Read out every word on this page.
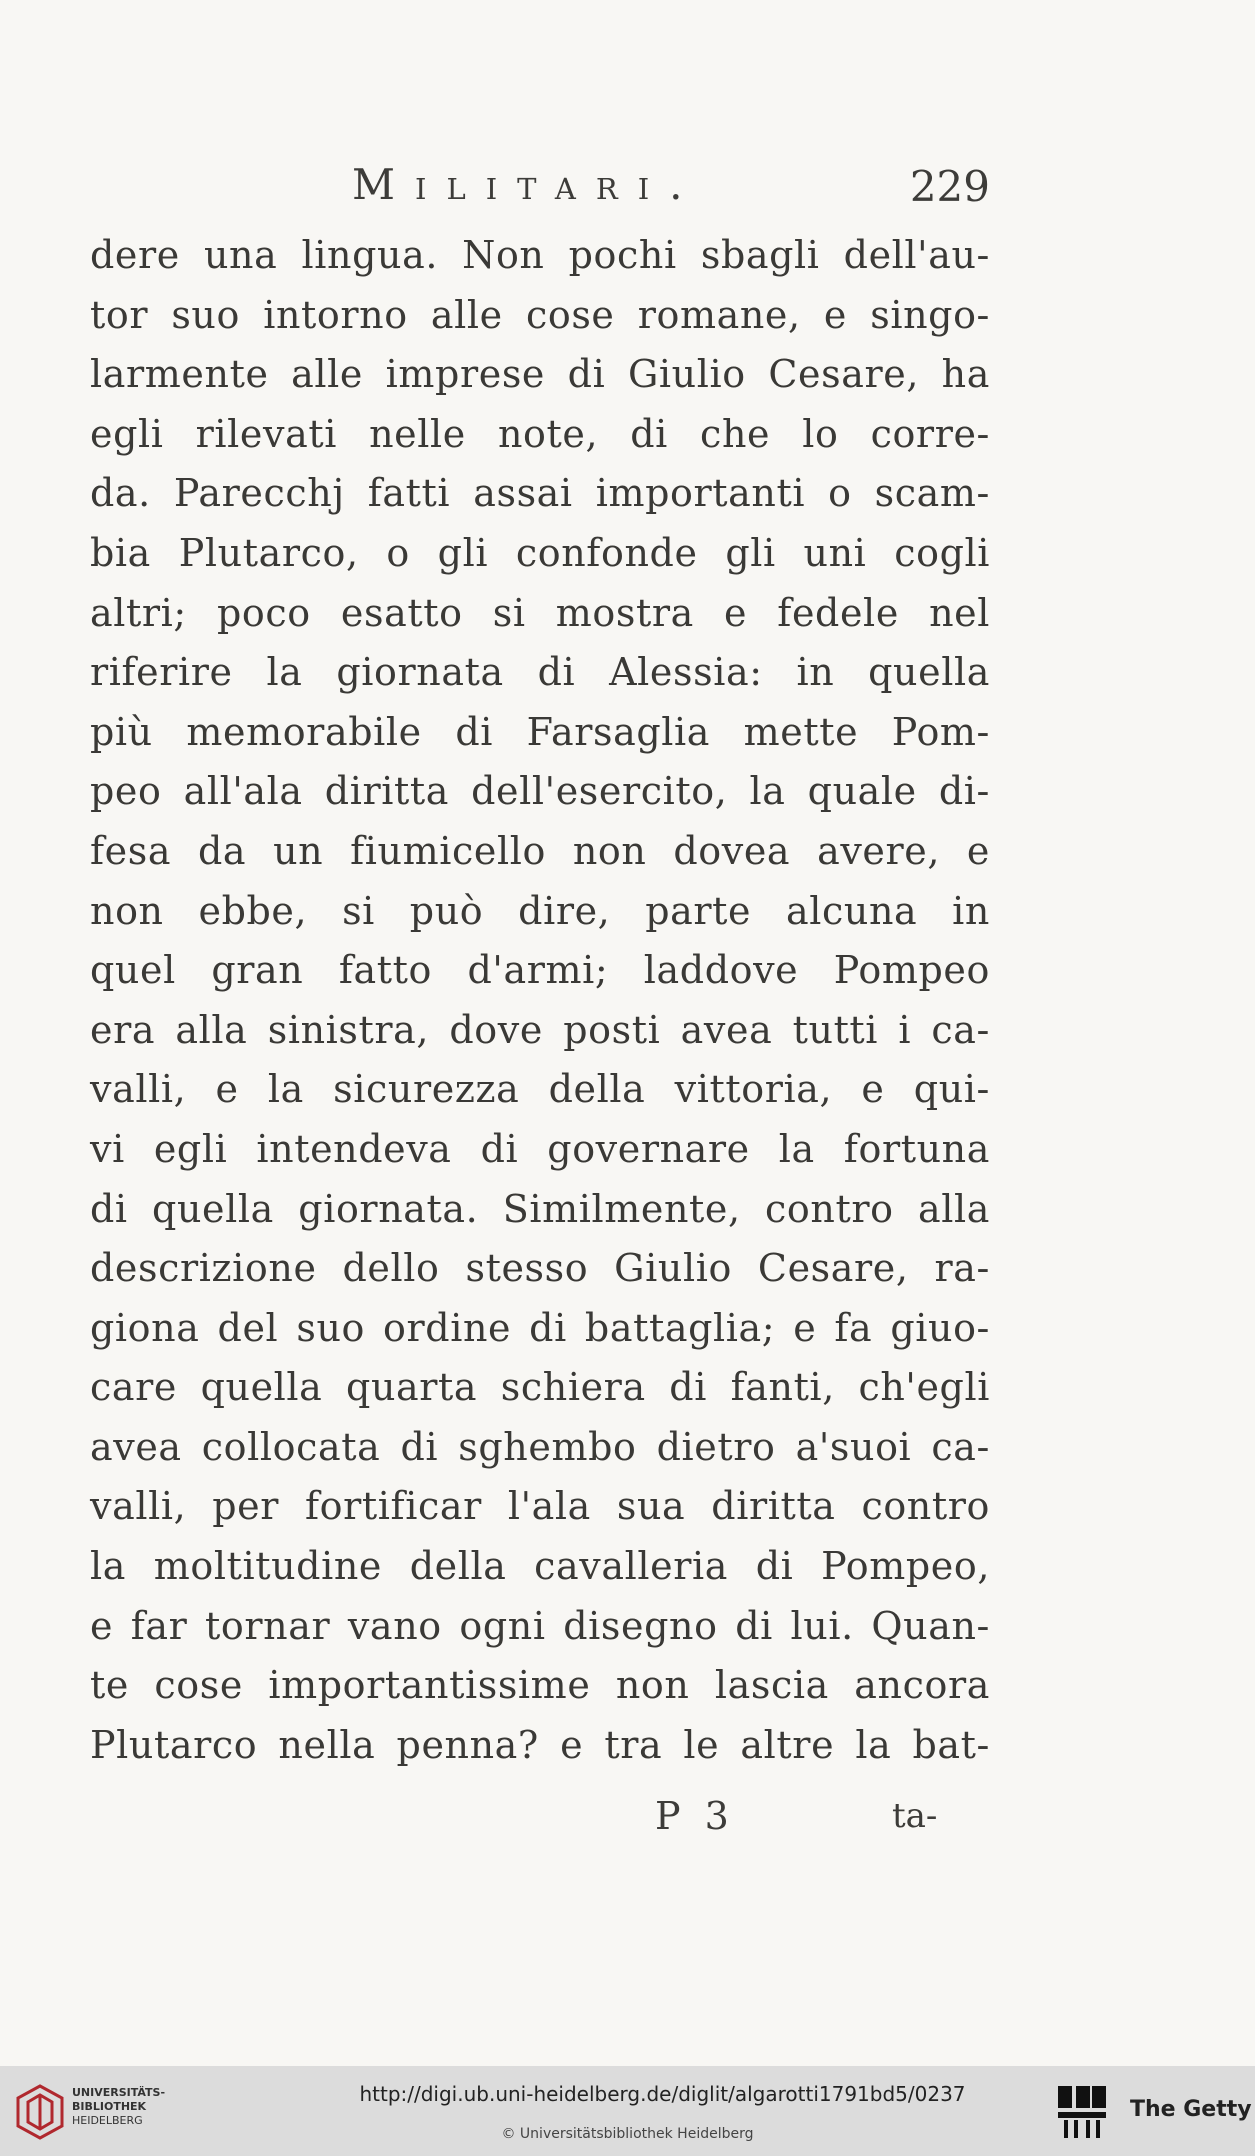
Militari.	229
dere una lingua. Non pochi sbagli dell'au-
tor suo intorno alle cose romane, e singo-
larmente alle imprese di Giulio Cesare, ha
egli rilevati nelle note, di che lo corre-
da. Parecchj fatti assai importanti o scam-
bia Plutarco, o gli confonde gli uni cogli
altri; poco esatto si mostra e fedele nel
riferire la giornata di Alessia: in quella
più memorabile di Farsaglia mette Pom-
peo all'ala diritta dell'esercito, la quale di-
fesa da un fiumicello non dovea avere, e
non ebbe, si può dire, parte alcuna in
quel gran fatto d'armi; laddove Pompeo
era alla sinistra, dove posti avea tutti i ca-
valli, e la sicurezza della vittoria, e qui-
vi egli intendeva di governare la fortuna
di quella giornata. Similmente, contro alla
descrizione dello stesso Giulio Cesare, ra-
giona del suo ordine di battaglia; e fa giuo-
care quella quarta schiera di fanti, ch'egli
avea collocata di sghembo dietro a'suoi ca-
valli, per fortificar l'ala sua diritta contro
la moltitudine della cavalleria di Pompeo,
e far tornar vano ogni disegno di lui. Quan-
te cose importantissime non lascia ancora
Plutarco nella penna? e tra le altre la bat-
P 3	ta-
UNIVERSITÄTS-
BIBLIOTHEK
HEIDELBERG
http://digi.ub.uni-heidelberg.de/diglit/algarotti1791bd5/0237
© Universitätsbibliothek Heidelberg
The Getty
